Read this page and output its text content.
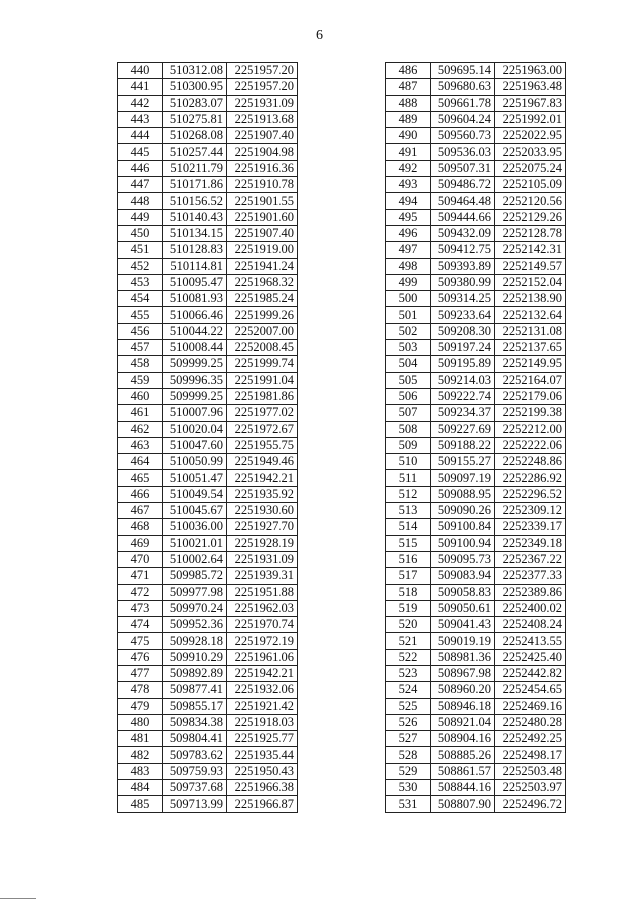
6
440	510312.08	2251957.20
441	510300.95	2251957.20
442	510283.07	2251931.09
443	510275.81	2251913.68
444	510268.08	2251907.40
445	510257.44	2251904.98
446	510211.79	2251916.36
447	510171.86	2251910.78
448	510156.52	2251901.55
449	510140.43	2251901.60
450	510134.15	2251907.40
451	510128.83	2251919.00
452	510114.81	2251941.24
453	510095.47	2251968.32
454	510081.93	2251985.24
455	510066.46	2251999.26
456	510044.22	2252007.00
457	510008.44	2252008.45
458	509999.25	2251999.74
459	509996.35	2251991.04
460	509999.25	2251981.86
461	510007.96	2251977.02
462	510020.04	2251972.67
463	510047.60	2251955.75
464	510050.99	2251949.46
465	510051.47	2251942.21
466	510049.54	2251935.92
467	510045.67	2251930.60
468	510036.00	2251927.70
469	510021.01	2251928.19
470	510002.64	2251931.09
471	509985.72	2251939.31
472	509977.98	2251951.88
473	509970.24	2251962.03
474	509952.36	2251970.74
475	509928.18	2251972.19
476	509910.29	2251961.06
477	509892.89	2251942.21
478	509877.41	2251932.06
479	509855.17	2251921.42
480	509834.38	2251918.03
481	509804.41	2251925.77
482	509783.62	2251935.44
483	509759.93	2251950.43
484	509737.68	2251966.38
485	509713.99	2251966.87
486	509695.14	2251963.00
487	509680.63	2251963.48
488	509661.78	2251967.83
489	509604.24	2251992.01
490	509560.73	2252022.95
491	509536.03	2252033.95
492	509507.31	2252075.24
493	509486.72	2252105.09
494	509464.48	2252120.56
495	509444.66	2252129.26
496	509432.09	2252128.78
497	509412.75	2252142.31
498	509393.89	2252149.57
499	509380.99	2252152.04
500	509314.25	2252138.90
501	509233.64	2252132.64
502	509208.30	2252131.08
503	509197.24	2252137.65
504	509195.89	2252149.95
505	509214.03	2252164.07
506	509222.74	2252179.06
507	509234.37	2252199.38
508	509227.69	2252212.00
509	509188.22	2252222.06
510	509155.27	2252248.86
511	509097.19	2252286.92
512	509088.95	2252296.52
513	509090.26	2252309.12
514	509100.84	2252339.17
515	509100.94	2252349.18
516	509095.73	2252367.22
517	509083.94	2252377.33
518	509058.83	2252389.86
519	509050.61	2252400.02
520	509041.43	2252408.24
521	509019.19	2252413.55
522	508981.36	2252425.40
523	508967.98	2252442.82
524	508960.20	2252454.65
525	508946.18	2252469.16
526	508921.04	2252480.28
527	508904.16	2252492.25
528	508885.26	2252498.17
529	508861.57	2252503.48
530	508844.16	2252503.97
531	508807.90	2252496.72
